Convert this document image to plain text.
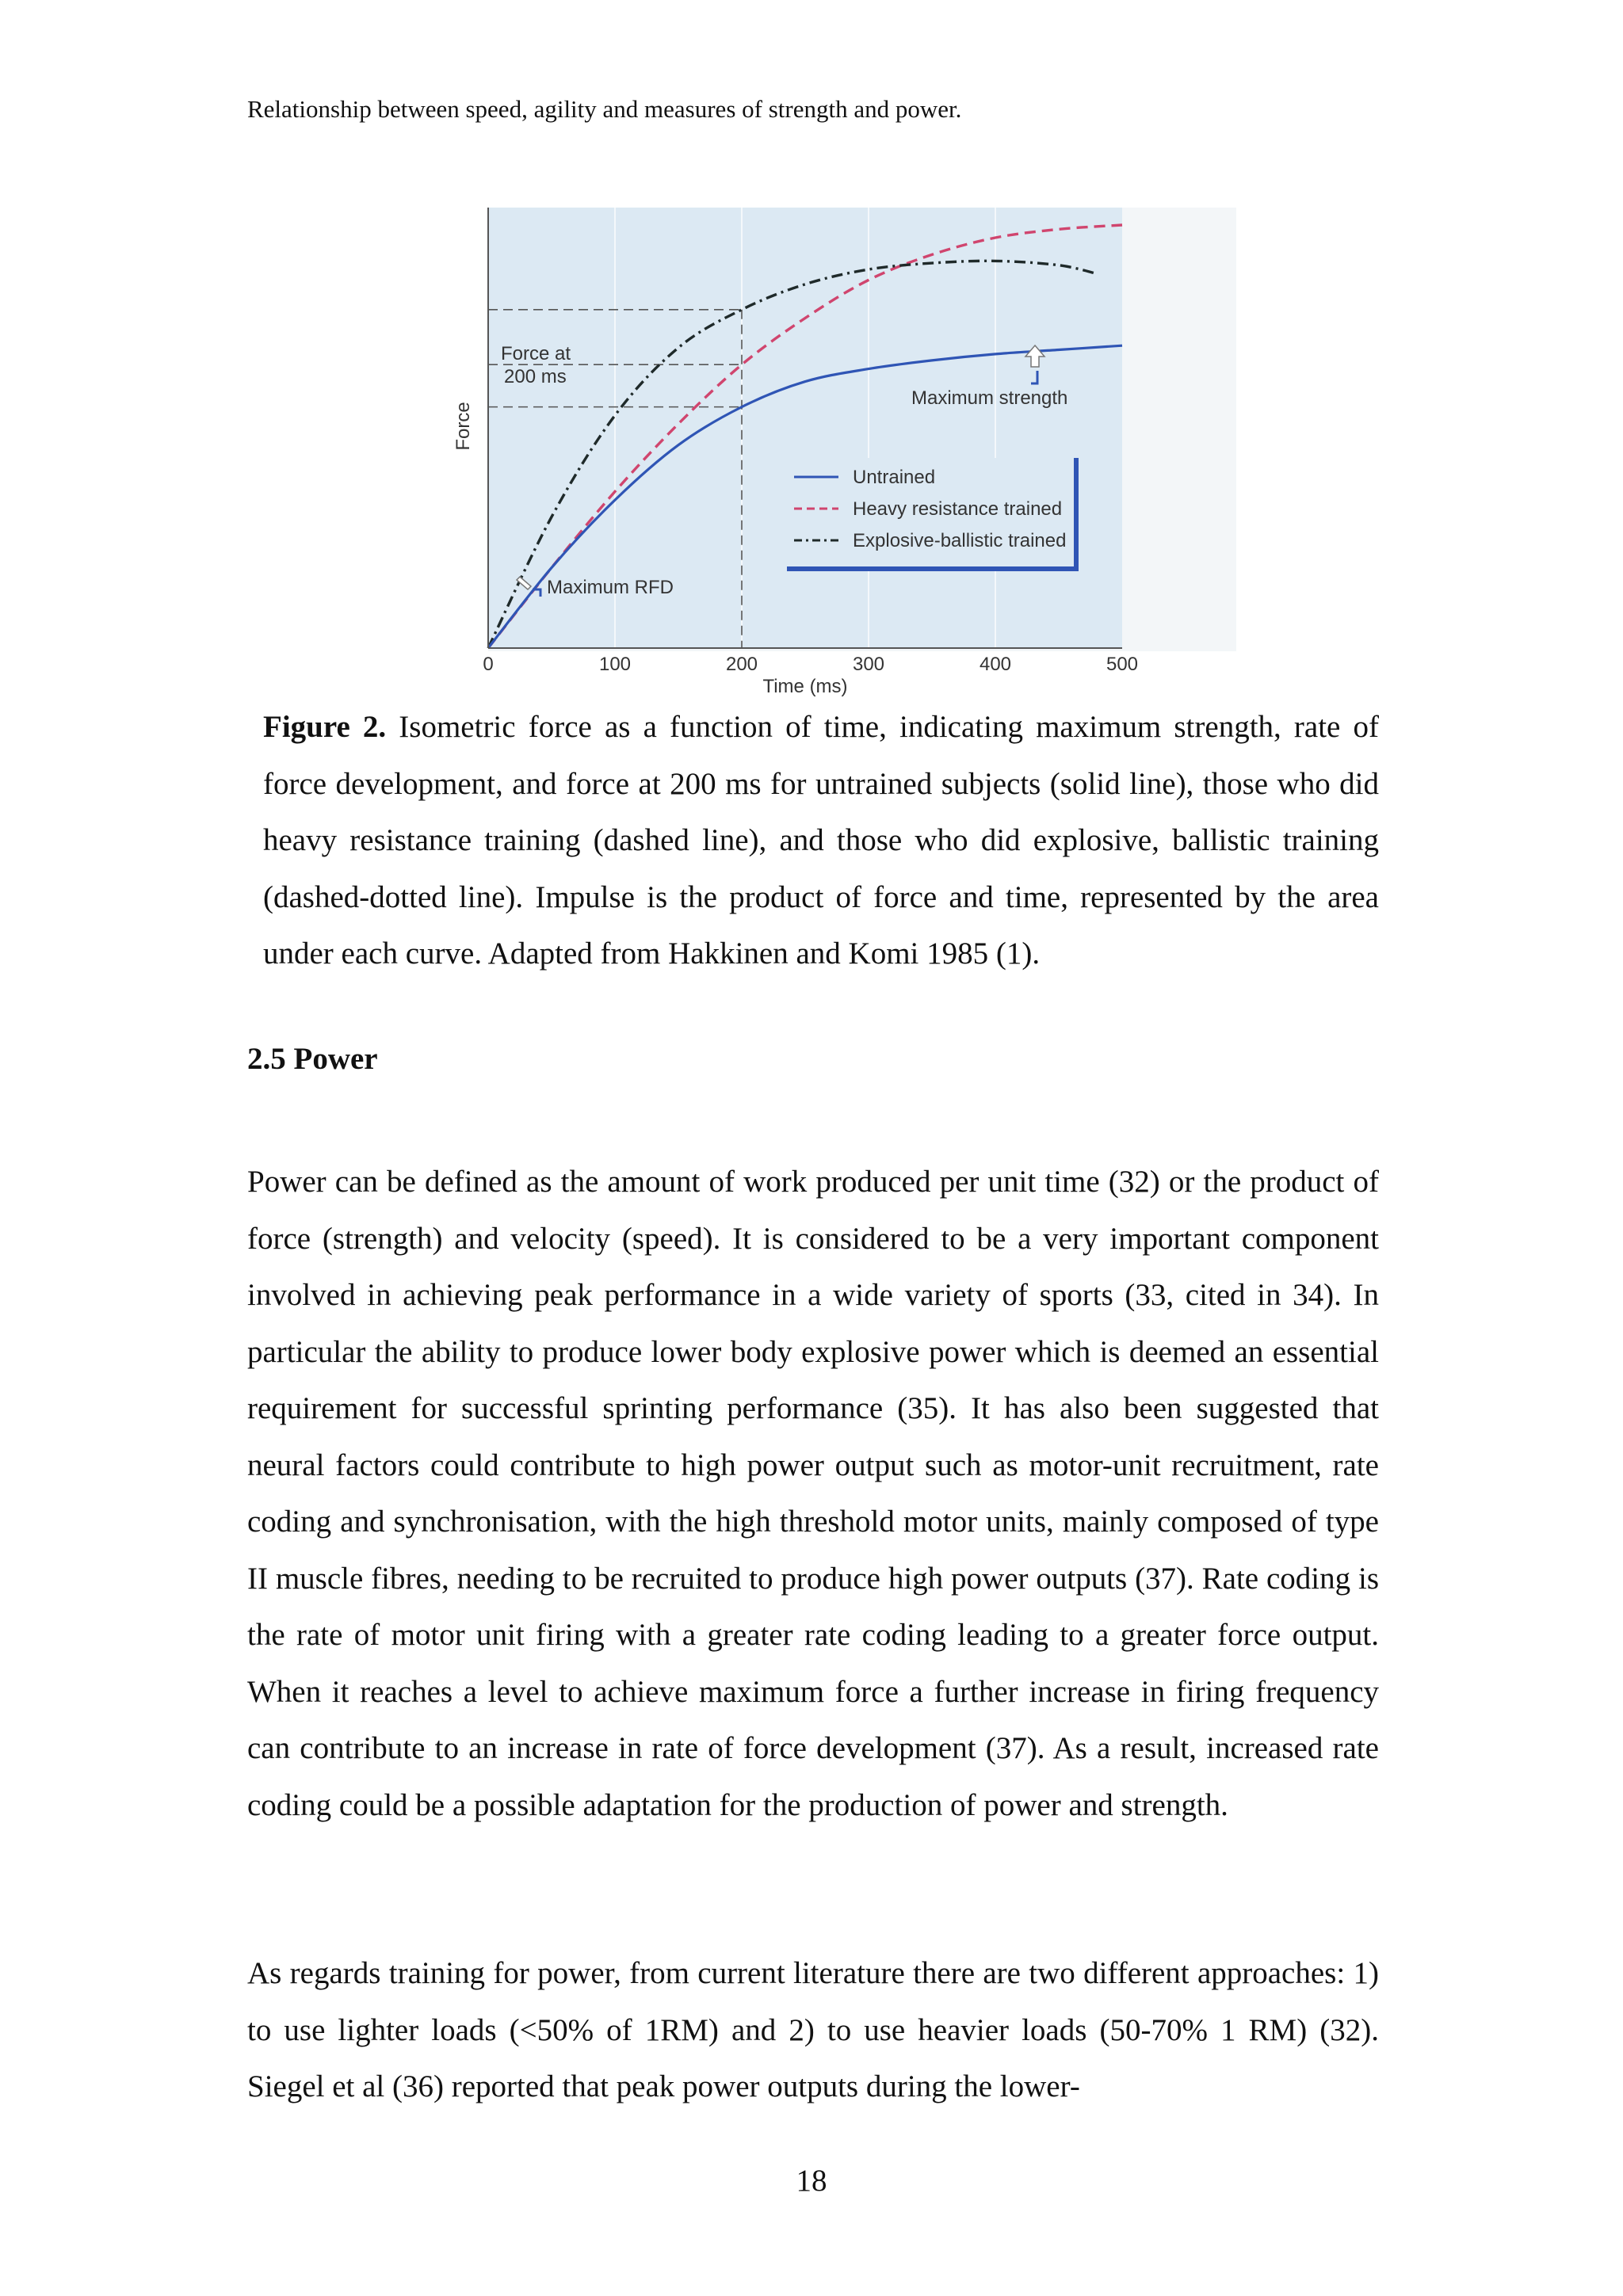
Relationship between speed, agility and measures of strength and power.
0	100	200	300	400	500
Time (ms)
Force
Force at 200 ms
Maximum strength
Maximum RFD
Untrained
Heavy resistance trained
Explosive-ballistic trained
Figure 2. Isometric force as a function of time, indicating maximum strength, rate of force development, and force at 200 ms for untrained subjects (solid line), those who did heavy resistance training (dashed line), and those who did explosive, ballistic training (dashed-dotted line). Impulse is the product of force and time, represented by the area under each curve. Adapted from Hakkinen and Komi 1985 (1).
2.5 Power

Power can be defined as the amount of work produced per unit time (32) or the product of force (strength) and velocity (speed). It is considered to be a very important component involved in achieving peak performance in a wide variety of sports (33, cited in 34). In particular the ability to produce lower body explosive power which is deemed an essential requirement for successful sprinting performance (35). It has also been suggested that neural factors could contribute to high power output such as motor-unit recruitment, rate coding and synchronisation, with the high threshold motor units, mainly composed of type II muscle fibres, needing to be recruited to produce high power outputs (37). Rate coding is the rate of motor unit firing with a greater rate coding leading to a greater force output. When it reaches a level to achieve maximum force a further increase in firing frequency can contribute to an increase in rate of force development (37). As a result, increased rate coding could be a possible adaptation for the production of power and strength.

As regards training for power, from current literature there are two different approaches: 1) to use lighter loads (<50% of 1RM) and 2) to use heavier loads (50-70% 1 RM) (32). Siegel et al (36) reported that peak power outputs during the lower-

18
